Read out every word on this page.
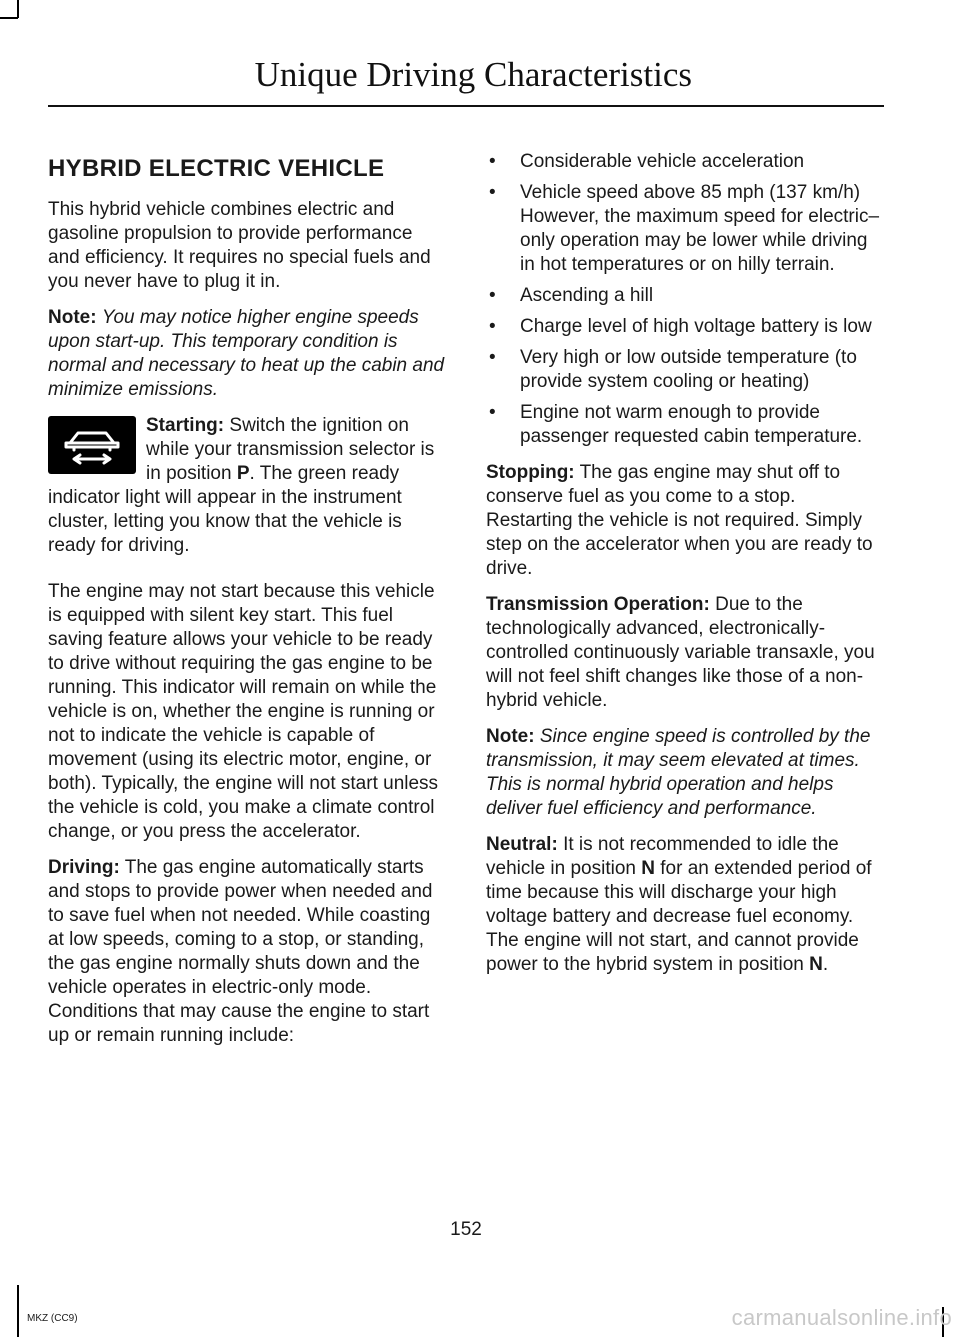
Unique Driving Characteristics
HYBRID ELECTRIC VEHICLE

This hybrid vehicle combines electric and gasoline propulsion to provide performance and efficiency. It requires no special fuels and you never have to plug it in.

Note: You may notice higher engine speeds upon start-up. This temporary condition is normal and necessary to heat up the cabin and minimize emissions.

Starting: Switch the ignition on while your transmission selector is in position P. The green ready indicator light will appear in the instrument cluster, letting you know that the vehicle is ready for driving.

The engine may not start because this vehicle is equipped with silent key start. This fuel saving feature allows your vehicle to be ready to drive without requiring the gas engine to be running. This indicator will remain on while the vehicle is on, whether the engine is running or not to indicate the vehicle is capable of movement (using its electric motor, engine, or both). Typically, the engine will not start unless the vehicle is cold, you make a climate control change, or you press the accelerator.

Driving: The gas engine automatically starts and stops to provide power when needed and to save fuel when not needed. While coasting at low speeds, coming to a stop, or standing, the gas engine normally shuts down and the vehicle operates in electric-only mode. Conditions that may cause the engine to start up or remain running include:

• Considerable vehicle acceleration
• Vehicle speed above 85 mph (137 km/h) However, the maximum speed for electric–only operation may be lower while driving in hot temperatures or on hilly terrain.
• Ascending a hill
• Charge level of high voltage battery is low
• Very high or low outside temperature (to provide system cooling or heating)
• Engine not warm enough to provide passenger requested cabin temperature.

Stopping: The gas engine may shut off to conserve fuel as you come to a stop. Restarting the vehicle is not required. Simply step on the accelerator when you are ready to drive.

Transmission Operation: Due to the technologically advanced, electronically-controlled continuously variable transaxle, you will not feel shift changes like those of a non-hybrid vehicle.

Note: Since engine speed is controlled by the transmission, it may seem elevated at times. This is normal hybrid operation and helps deliver fuel efficiency and performance.

Neutral: It is not recommended to idle the vehicle in position N for an extended period of time because this will discharge your high voltage battery and decrease fuel economy. The engine will not start, and cannot provide power to the hybrid system in position N.

152
MKZ (CC9)	carmanualsonline.info
